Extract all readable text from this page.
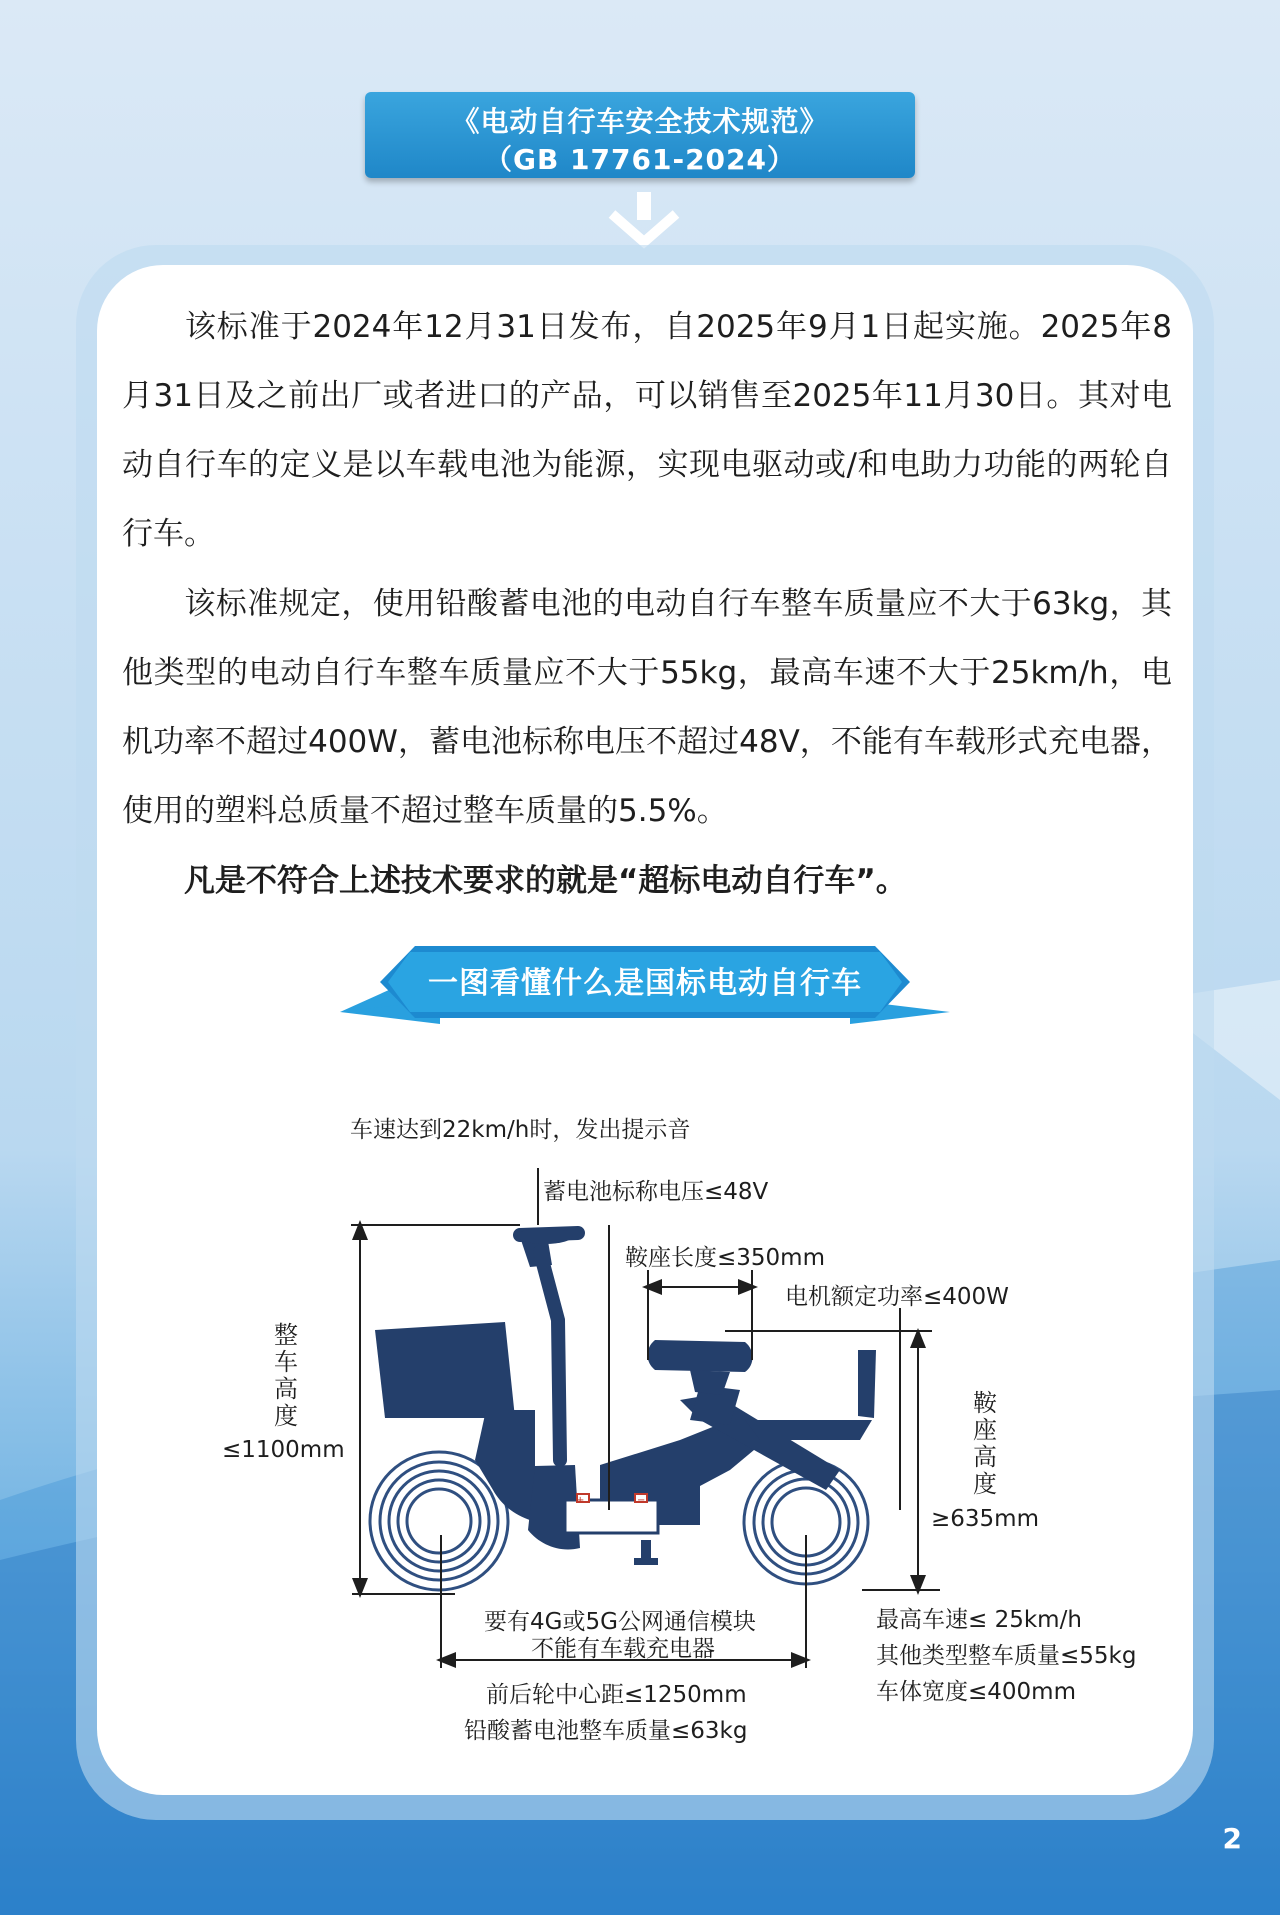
《电动自行车安全技术规范》
（GB 17761-2024）
该标准于2024年12月31日发布，自2025年9月1日起实施。2025年8月31日及之前出厂或者进口的产品，可以销售至2025年11月30日。其对电动自行车的定义是以车载电池为能源，实现电驱动或/和电助力功能的两轮自行车。
该标准规定，使用铅酸蓄电池的电动自行车整车质量应不大于63kg，其他类型的电动自行车整车质量应不大于55kg，最高车速不大于25km/h，电机功率不超过400W，蓄电池标称电压不超过48V，不能有车载形式充电器，使用的塑料总质量不超过整车质量的5.5%。
凡是不符合上述技术要求的就是“超标电动自行车”。
一图看懂什么是国标电动自行车
+	−
车速达到22km/h时，发出提示音
蓄电池标称电压≤48V
鞍座长度≤350mm
电机额定功率≤400W
整
车
高
度
≤1100mm
鞍
座
高
度
≥635mm
要有4G或5G公网通信模块
不能有车载充电器
前后轮中心距≤1250mm
铅酸蓄电池整车质量≤63kg
最高车速≤ 25km/h
其他类型整车质量≤55kg
车体宽度≤400mm
2
